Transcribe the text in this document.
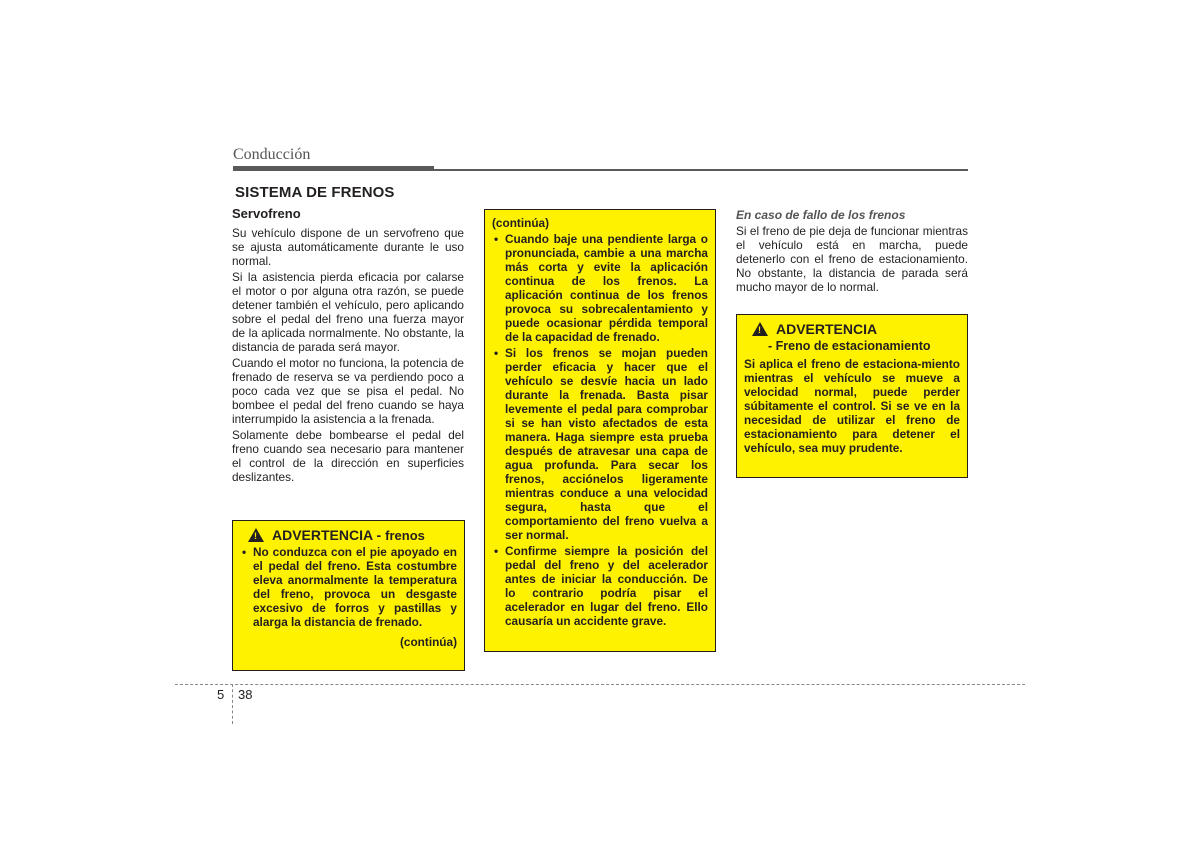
Conducción
SISTEMA DE FRENOS
Servofreno

Su vehículo dispone de un servofreno que se ajusta automáticamente durante le uso normal.

Si la asistencia pierda eficacia por calarse el motor o por alguna otra razón, se puede detener también el vehículo, pero aplicando sobre el pedal del freno una fuerza mayor de la aplicada normalmente. No obstante, la distancia de parada será mayor.

Cuando el motor no funciona, la potencia de frenado de reserva se va perdiendo poco a poco cada vez que se pisa el pedal. No bombee el pedal del freno cuando se haya interrumpido la asistencia a la frenada.

Solamente debe bombearse el pedal del freno cuando sea necesario para mantener el control de la dirección en superficies deslizantes.

!
ADVERTENCIA - frenos
• No conduzca con el pie apoyado en el pedal del freno. Esta costumbre eleva anormalmente la temperatura del freno, provoca un desgaste excesivo de forros y pastillas y alarga la distancia de frenado.
(continúa)
(continúa)
• Cuando baje una pendiente larga o pronunciada, cambie a una marcha más corta y evite la aplicación continua de los frenos. La aplicación continua de los frenos provoca su sobrecalentamiento y puede ocasionar pérdida temporal de la capacidad de frenado.
• Si los frenos se mojan pueden perder eficacia y hacer que el vehículo se desvíe hacia un lado durante la frenada. Basta pisar levemente el pedal para comprobar si se han visto afectados de esta manera. Haga siempre esta prueba después de atravesar una capa de agua profunda. Para secar los frenos, acciónelos ligeramente mientras conduce a una velocidad segura, hasta que el comportamiento del freno vuelva a ser normal.
• Confirme siempre la posición del pedal del freno y del acelerador antes de iniciar la conducción. De lo contrario podría pisar el acelerador en lugar del freno. Ello causaría un accidente grave.
En caso de fallo de los frenos

Si el freno de pie deja de funcionar mientras el vehículo está en marcha, puede detenerlo con el freno de estacionamiento. No obstante, la distancia de parada será mucho mayor de lo normal.

!
ADVERTENCIA
- Freno de estacionamiento
Si aplica el freno de estaciona-miento mientras el vehículo se mueve a velocidad normal, puede perder súbitamente el control. Si se ve en la necesidad de utilizar el freno de estacionamiento para detener el vehículo, sea muy prudente.
5 38
